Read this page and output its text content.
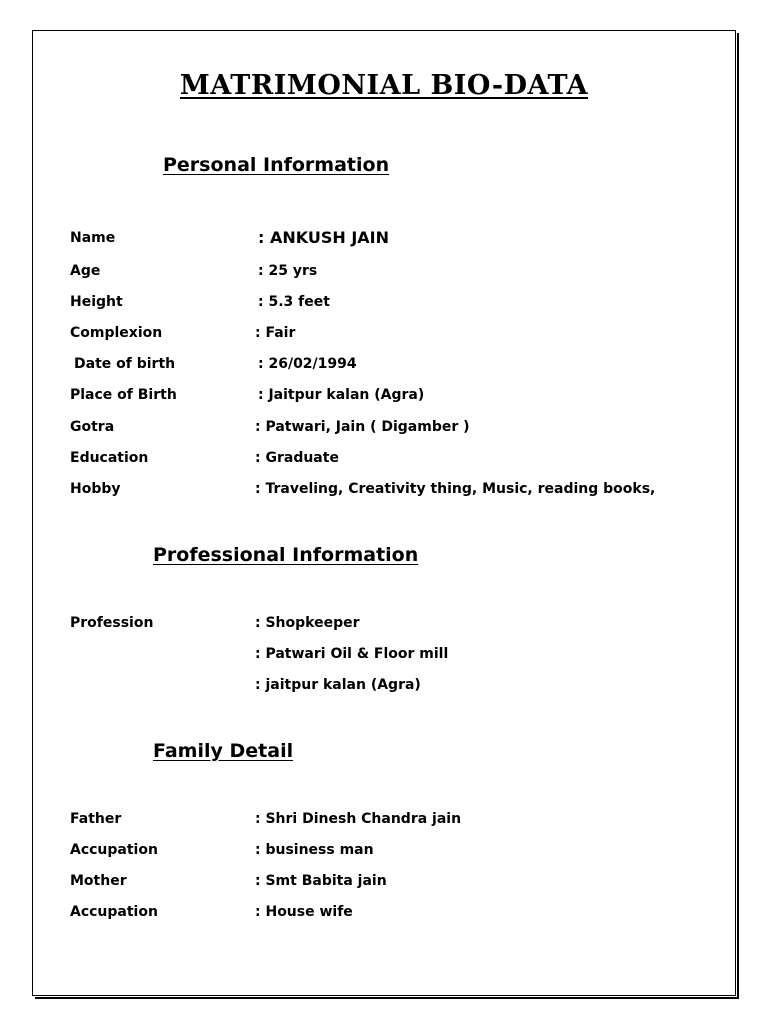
MATRIMONIAL BIO-DATA
Personal Information
Name	: ANKUSH JAIN
Age	: 25 yrs
Height	: 5.3 feet
Complexion	: Fair
Date of birth	: 26/02/1994
Place of Birth	: Jaitpur kalan (Agra)
Gotra	: Patwari, Jain ( Digamber )
Education	: Graduate
Hobby	: Traveling, Creativity thing, Music, reading books,
Professional Information
Profession	: Shopkeeper
: Patwari Oil & Floor mill
: jaitpur kalan (Agra)
Family Detail
Father	: Shri Dinesh Chandra jain
Accupation	: business man
Mother	: Smt Babita jain
Accupation	: House wife
